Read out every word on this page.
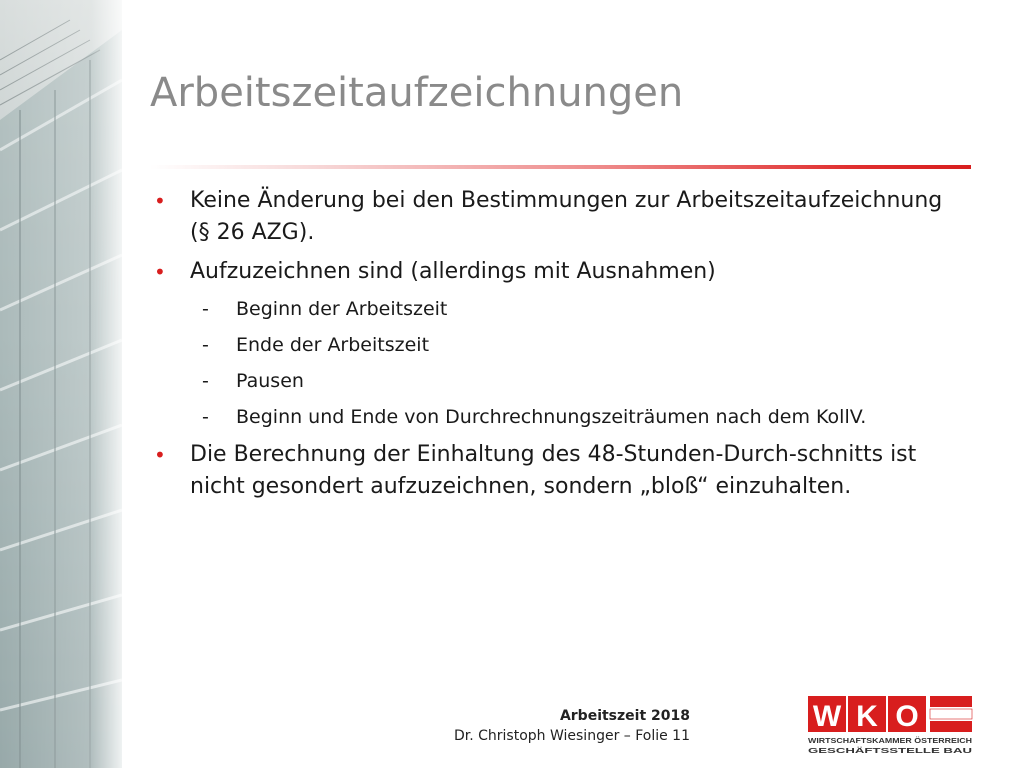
Arbeitszeitaufzeichnungen
• Keine Änderung bei den Bestimmungen zur Arbeitszeitaufzeichnung (§ 26 AZG).
• Aufzuzeichnen sind (allerdings mit Ausnahmen)
- Beginn der Arbeitszeit
- Ende der Arbeitszeit
- Pausen
- Beginn und Ende von Durchrechnungszeiträumen nach dem KollV.
• Die Berechnung der Einhaltung des 48-Stunden-Durch-schnitts ist nicht gesondert aufzuzeichnen, sondern „bloß“ einzuhalten.
Arbeitszeit 2018
Dr. Christoph Wiesinger – Folie 11
W K O
WIRTSCHAFTSKAMMER ÖSTERREICH
GESCHÄFTSSTELLE BAU
